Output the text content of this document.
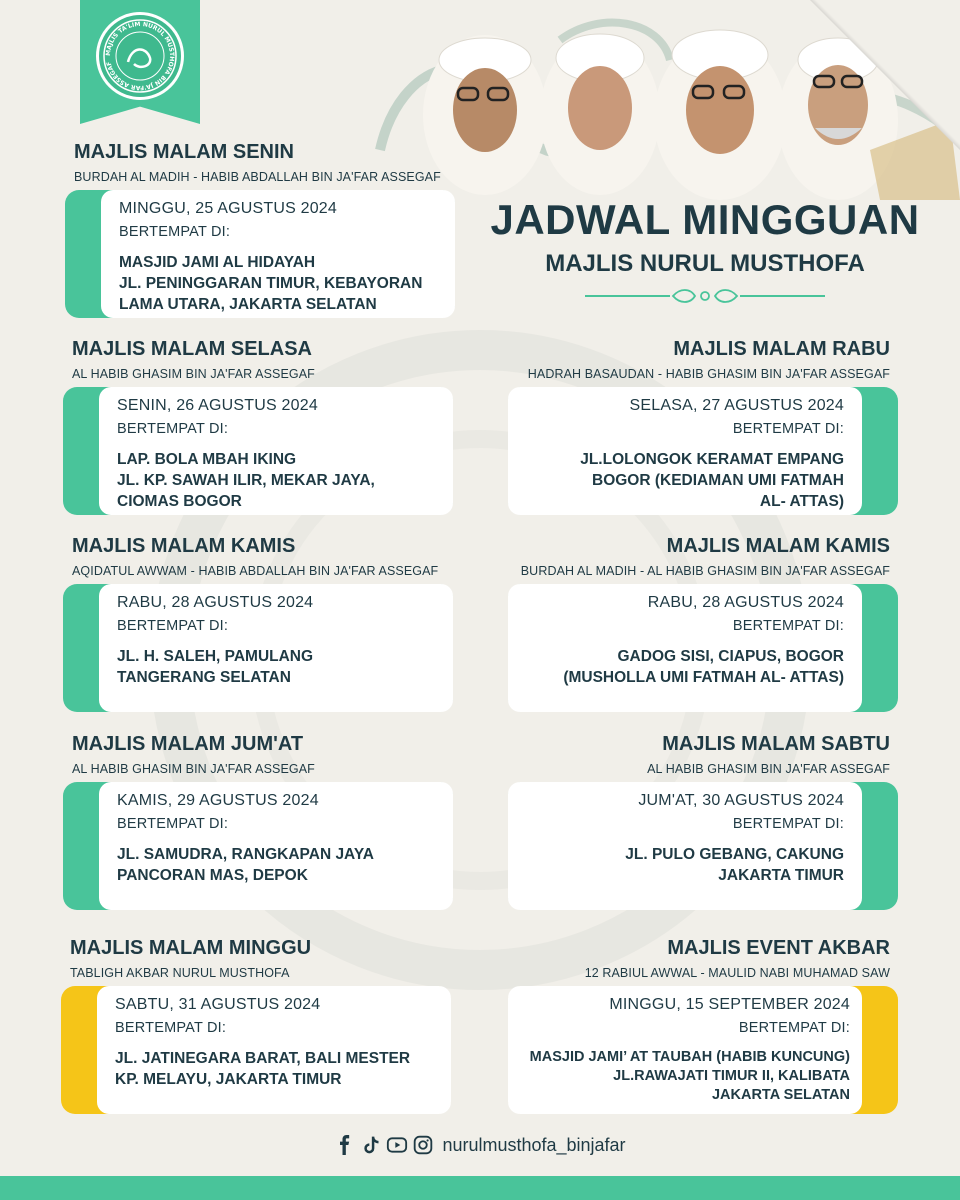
MAJLIS TA'LIM NURUL MUSTHOFA BIN JA'FAR ASSEGAF
JADWAL MINGGUAN
MAJLIS NURUL MUSTHOFA
MAJLIS MALAM SENIN
BURDAH AL MADIH - HABIB ABDALLAH BIN JA'FAR ASSEGAF
MINGGU, 25 AGUSTUS 2024
BERTEMPAT DI:
MASJID JAMI AL HIDAYAH
JL. PENINGGARAN TIMUR, KEBAYORAN LAMA UTARA, JAKARTA SELATAN
MAJLIS MALAM SELASA
AL HABIB GHASIM BIN JA'FAR ASSEGAF
SENIN, 26 AGUSTUS 2024
BERTEMPAT DI:
LAP. BOLA MBAH IKING
JL. KP. SAWAH ILIR, MEKAR JAYA,
CIOMAS BOGOR
MAJLIS MALAM RABU
HADRAH BASAUDAN - HABIB GHASIM BIN JA'FAR ASSEGAF
SELASA, 27 AGUSTUS 2024
BERTEMPAT DI:
JL.LOLONGOK KERAMAT EMPANG
BOGOR (KEDIAMAN UMI FATMAH
AL- ATTAS)
MAJLIS MALAM KAMIS
AQIDATUL AWWAM - HABIB ABDALLAH BIN JA'FAR ASSEGAF
RABU, 28 AGUSTUS 2024
BERTEMPAT DI:
JL. H. SALEH, PAMULANG
TANGERANG SELATAN
MAJLIS MALAM KAMIS
BURDAH AL MADIH - AL HABIB GHASIM BIN JA'FAR ASSEGAF
RABU, 28 AGUSTUS 2024
BERTEMPAT DI:
GADOG SISI, CIAPUS, BOGOR
(MUSHOLLA UMI FATMAH AL- ATTAS)
MAJLIS MALAM JUM'AT
AL HABIB GHASIM BIN JA'FAR ASSEGAF
KAMIS, 29 AGUSTUS 2024
BERTEMPAT DI:
JL. SAMUDRA, RANGKAPAN JAYA
PANCORAN MAS, DEPOK
MAJLIS MALAM SABTU
AL HABIB GHASIM BIN JA'FAR ASSEGAF
JUM'AT, 30 AGUSTUS 2024
BERTEMPAT DI:
JL. PULO GEBANG, CAKUNG
JAKARTA TIMUR
MAJLIS MALAM MINGGU
TABLIGH AKBAR NURUL MUSTHOFA
SABTU, 31 AGUSTUS 2024
BERTEMPAT DI:
JL. JATINEGARA BARAT, BALI MESTER
KP. MELAYU, JAKARTA TIMUR
MAJLIS EVENT AKBAR
12 RABIUL AWWAL - MAULID NABI MUHAMAD SAW
MINGGU, 15 SEPTEMBER 2024
BERTEMPAT DI:
MASJID JAMI’ AT TAUBAH (HABIB KUNCUNG)
JL.RAWAJATI TIMUR II, KALIBATA
JAKARTA SELATAN
nurulmusthofa_binjafar
